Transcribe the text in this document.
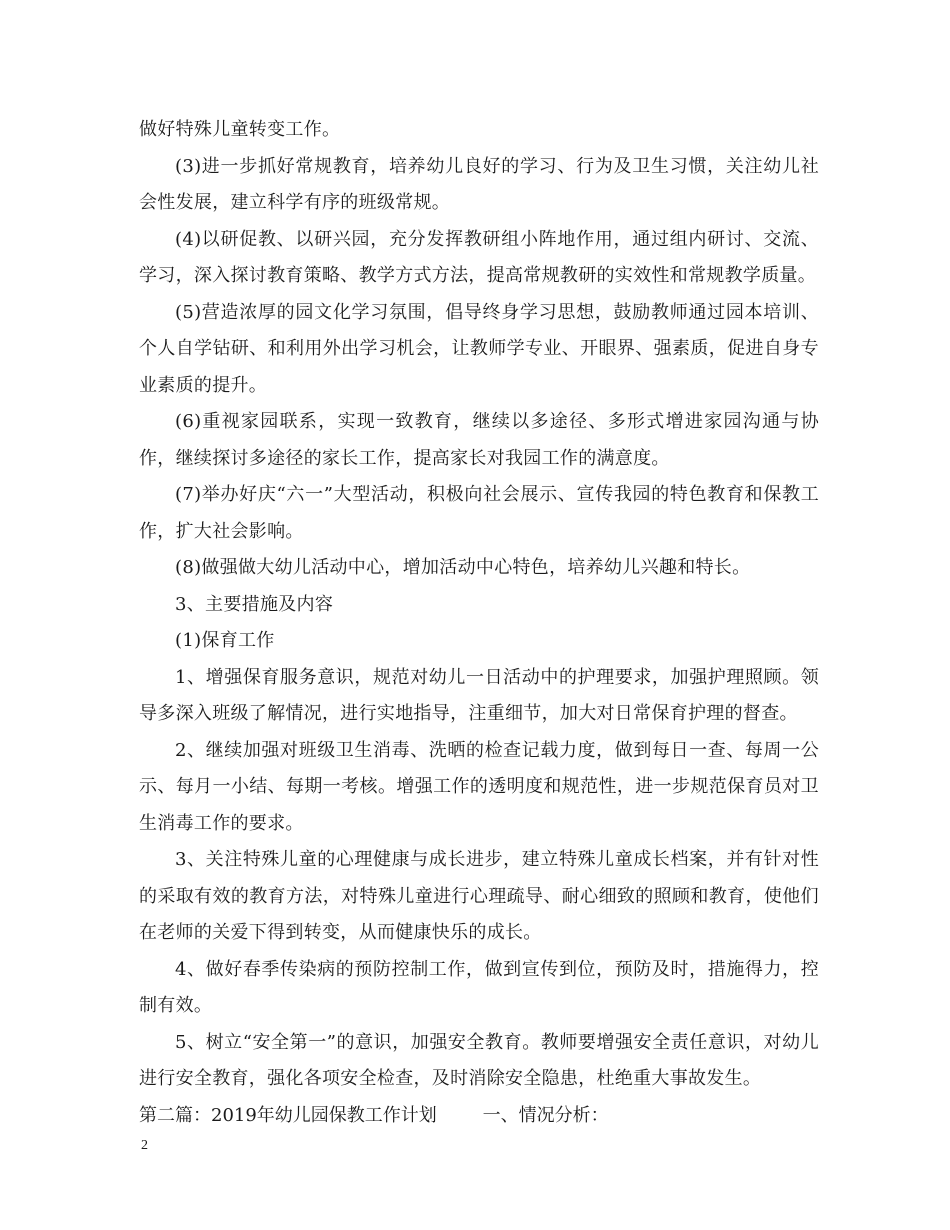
做好特殊儿童转变工作。

(3)进一步抓好常规教育，培养幼儿良好的学习、行为及卫生习惯，关注幼儿社会性发展，建立科学有序的班级常规。

(4)以研促教、以研兴园，充分发挥教研组小阵地作用，通过组内研讨、交流、学习，深入探讨教育策略、教学方式方法，提高常规教研的实效性和常规教学质量。

(5)营造浓厚的园文化学习氛围，倡导终身学习思想，鼓励教师通过园本培训、个人自学钻研、和利用外出学习机会，让教师学专业、开眼界、强素质，促进自身专业素质的提升。

(6)重视家园联系，实现一致教育，继续以多途径、多形式增进家园沟通与协作，继续探讨多途径的家长工作，提高家长对我园工作的满意度。

(7)举办好庆“六一”大型活动，积极向社会展示、宣传我园的特色教育和保教工作，扩大社会影响。

(8)做强做大幼儿活动中心，增加活动中心特色，培养幼儿兴趣和特长。

3、主要措施及内容

(1)保育工作

1、增强保育服务意识，规范对幼儿一日活动中的护理要求，加强护理照顾。领导多深入班级了解情况，进行实地指导，注重细节，加大对日常保育护理的督查。

2、继续加强对班级卫生消毒、洗晒的检查记载力度，做到每日一查、每周一公示、每月一小结、每期一考核。增强工作的透明度和规范性，进一步规范保育员对卫生消毒工作的要求。

3、关注特殊儿童的心理健康与成长进步，建立特殊儿童成长档案，并有针对性的采取有效的教育方法，对特殊儿童进行心理疏导、耐心细致的照顾和教育，使他们在老师的关爱下得到转变，从而健康快乐的成长。

4、做好春季传染病的预防控制工作，做到宣传到位，预防及时，措施得力，控制有效。

5、树立“安全第一”的意识，加强安全教育。教师要增强安全责任意识，对幼儿进行安全教育，强化各项安全检查，及时消除安全隐患，杜绝重大事故发生。

第二篇：2019年幼儿园保教工作计划	一、情况分析：

2
